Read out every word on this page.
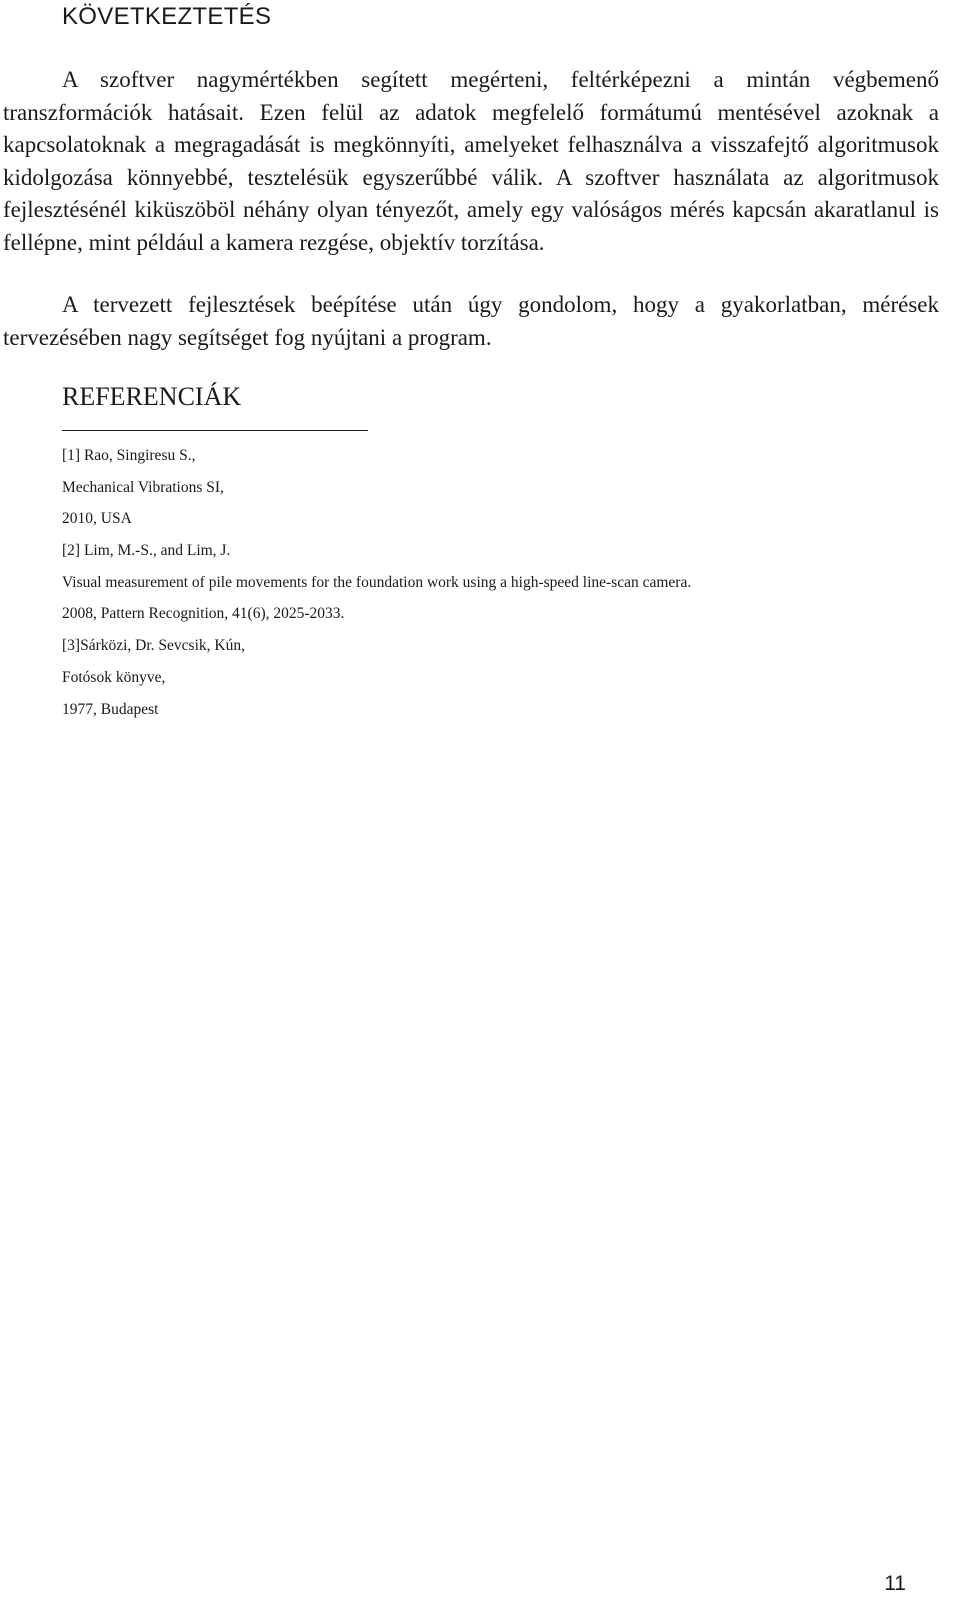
KÖVETKEZTETÉS
A szoftver nagymértékben segített megérteni, feltérképezni a mintán végbemenő transzformációk hatásait. Ezen felül az adatok megfelelő formátumú mentésével azoknak a kapcsolatoknak a megragadását is megkönnyíti, amelyeket felhasználva a visszafejtő algoritmusok kidolgozása könnyebbé, tesztelésük egyszerűbbé válik. A szoftver használata az algoritmusok fejlesztésénél kiküszöböl néhány olyan tényezőt, amely egy valóságos mérés kapcsán akaratlanul is fellépne, mint például a kamera rezgése, objektív torzítása.
A tervezett fejlesztések beépítése után úgy gondolom, hogy a gyakorlatban, mérések tervezésében nagy segítséget fog nyújtani a program.
REFERENCIÁK
[1] Rao, Singiresu S.,
Mechanical Vibrations SI,
2010, USA
[2] Lim, M.-S., and Lim, J.
Visual measurement of pile movements for the foundation work using a high-speed line-scan camera.
2008, Pattern Recognition, 41(6), 2025-2033.
[3]Sárközi, Dr. Sevcsik, Kún,
Fotósok könyve,
1977, Budapest
11
